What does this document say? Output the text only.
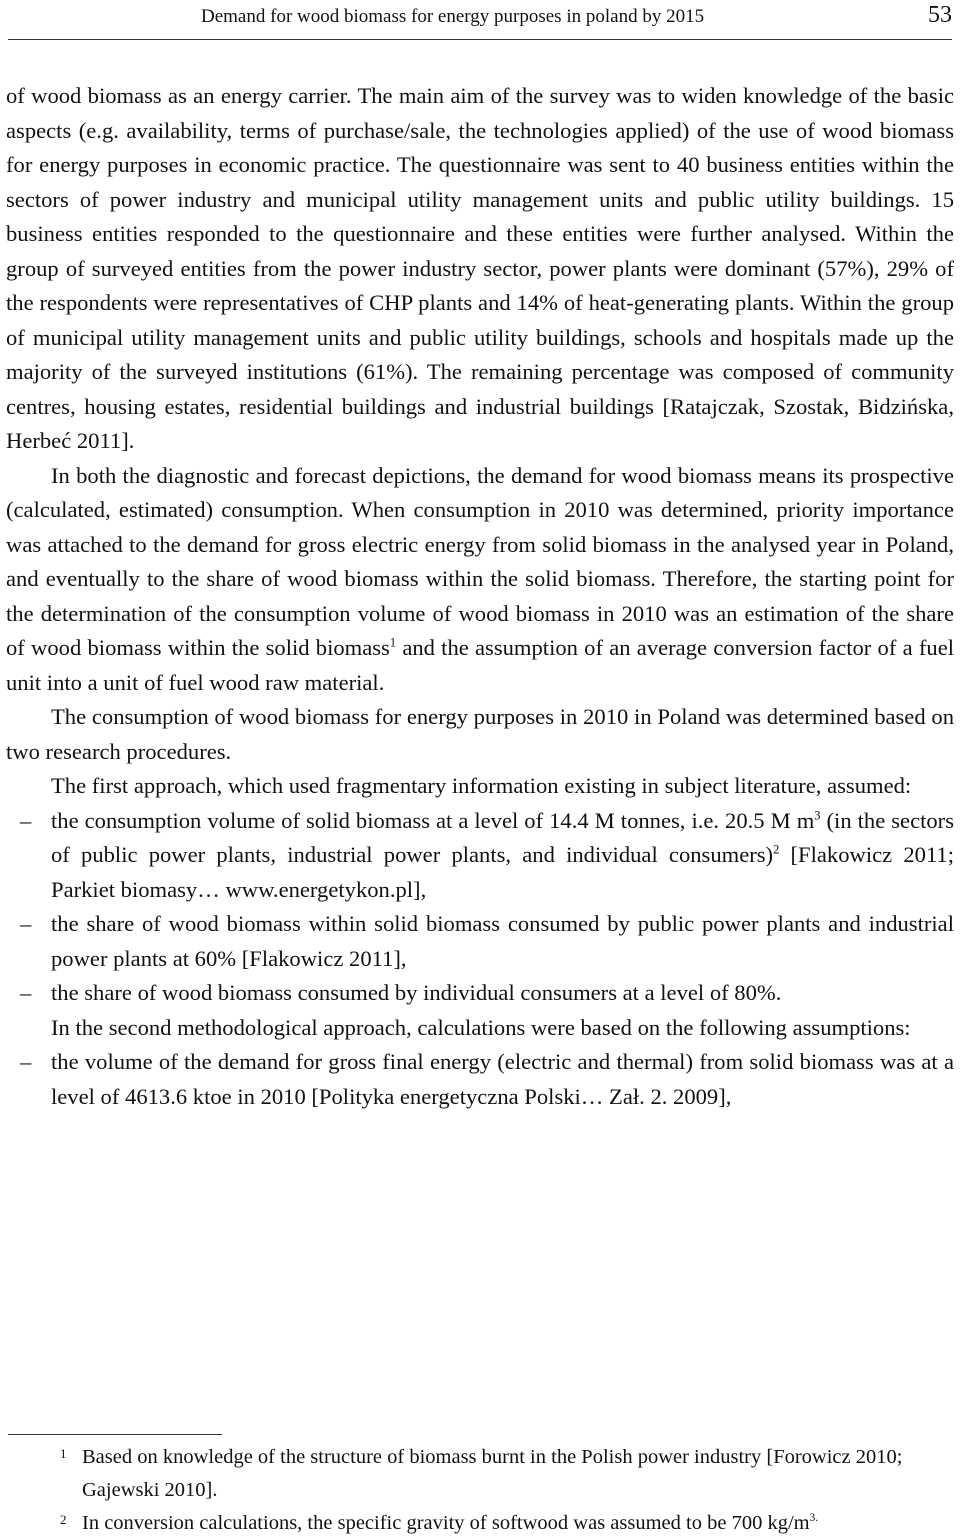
Demand for wood biomass for energy purposes in poland by 2015	53

of wood biomass as an energy carrier. The main aim of the survey was to widen knowledge of the basic aspects (e.g. availability, terms of purchase/sale, the technologies applied) of the use of wood biomass for energy purposes in economic practice. The questionnaire was sent to 40 business entities within the sectors of power industry and municipal utility management units and public utility buildings. 15 business entities responded to the questionnaire and these entities were further analysed. Within the group of surveyed entities from the power industry sector, power plants were dominant (57%), 29% of the respondents were representatives of CHP plants and 14% of heat-generating plants. Within the group of municipal utility management units and public utility buildings, schools and hospitals made up the majority of the surveyed institutions (61%). The remaining percentage was composed of community centres, housing estates, residential buildings and industrial buildings [Ratajczak, Szostak, Bidzińska, Herbeć 2011].

In both the diagnostic and forecast depictions, the demand for wood biomass means its prospective (calculated, estimated) consumption. When consumption in 2010 was determined, priority importance was attached to the demand for gross electric energy from solid biomass in the analysed year in Poland, and eventually to the share of wood biomass within the solid biomass. Therefore, the starting point for the determination of the consumption volume of wood biomass in 2010 was an estimation of the share of wood biomass within the solid biomass$^1$ and the assumption of an average conversion factor of a fuel unit into a unit of fuel wood raw material.

The consumption of wood biomass for energy purposes in 2010 in Poland was determined based on two research procedures.

The first approach, which used fragmentary information existing in subject literature, assumed:

– the consumption volume of solid biomass at a level of 14.4 M tonnes, i.e. 20.5 M $m^3$ (in the sectors of public power plants, industrial power plants, and individual consumers)$^2$ [Flakowicz 2011; Parkiet biomasy… www.energetykon.pl],
– the share of wood biomass within solid biomass consumed by public power plants and industrial power plants at 60% [Flakowicz 2011],
– the share of wood biomass consumed by individual consumers at a level of 80%.

In the second methodological approach, calculations were based on the following assumptions:

– the volume of the demand for gross final energy (electric and thermal) from solid biomass was at a level of 4613.6 ktoe in 2010 [Polityka energetyczna Polski… Zał. 2. 2009],
1 Based on knowledge of the structure of biomass burnt in the Polish power industry [Forowicz 2010; Gajewski 2010].
2 In conversion calculations, the specific gravity of softwood was assumed to be 700 $kg/m^{3.}$
